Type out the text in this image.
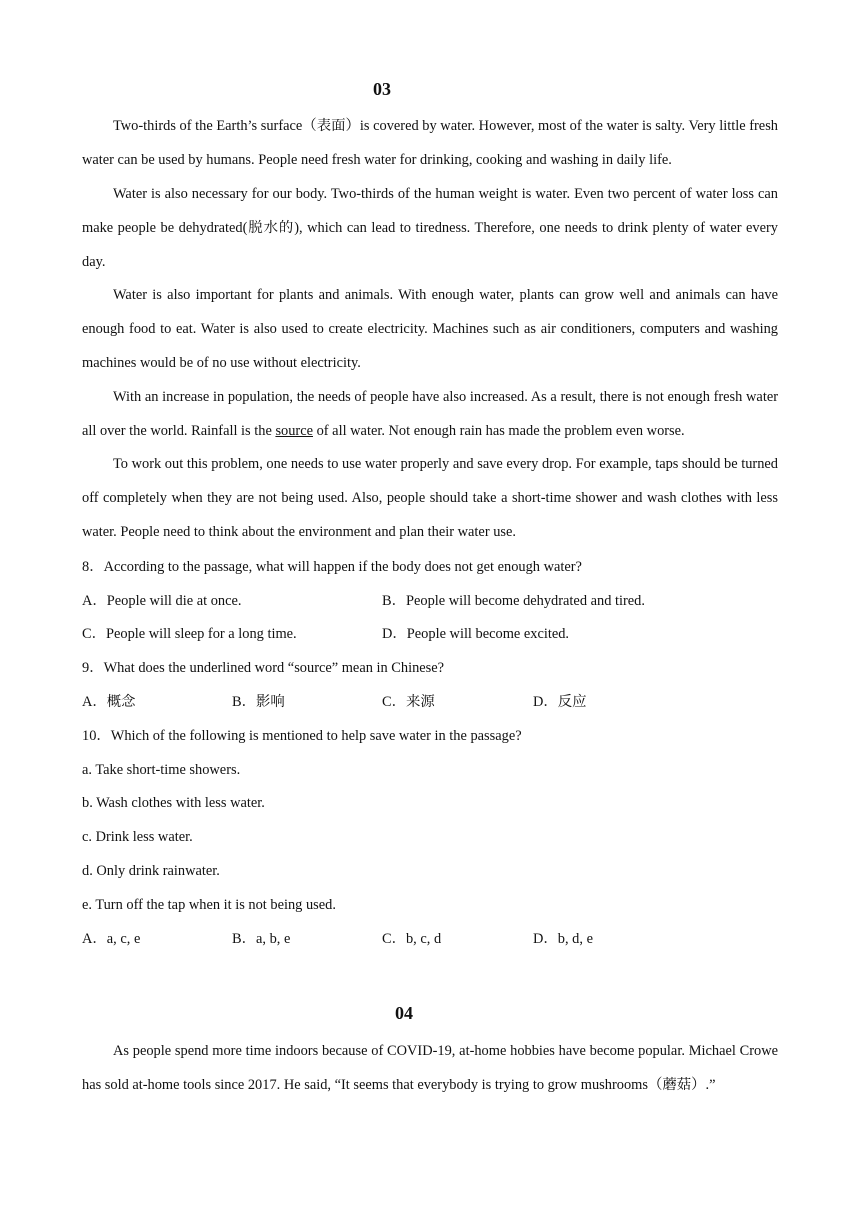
03

Two-thirds of the Earth’s surface（表面）is covered by water. However, most of the water is salty. Very little fresh water can be used by humans. People need fresh water for drinking, cooking and washing in daily life.

Water is also necessary for our body. Two-thirds of the human weight is water. Even two percent of water loss can make people be dehydrated(脱水的), which can lead to tiredness. Therefore, one needs to drink plenty of water every day.

Water is also important for plants and animals. With enough water, plants can grow well and animals can have enough food to eat. Water is also used to create electricity. Machines such as air conditioners, computers and washing machines would be of no use without electricity.

With an increase in population, the needs of people have also increased. As a result, there is not enough fresh water all over the world. Rainfall is the source of all water. Not enough rain has made the problem even worse.

To work out this problem, one needs to use water properly and save every drop. For example, taps should be turned off completely when they are not being used. Also, people should take a short-time shower and wash clothes with less water. People need to think about the environment and plan their water use.

8．According to the passage, what will happen if the body does not get enough water?
A．People will die at once.	B．People will become dehydrated and tired.
C．People will sleep for a long time.	D．People will become excited.
9．What does the underlined word “source” mean in Chinese?
A．概念	B．影响	C．来源	D．反应
10．Which of the following is mentioned to help save water in the passage?
a. Take short-time showers.
b. Wash clothes with less water.
c. Drink less water.
d. Only drink rainwater.
e. Turn off the tap when it is not being used.
A．a, c, e	B．a, b, e	C．b, c, d	D．b, d, e
04

As people spend more time indoors because of COVID-19, at-home hobbies have become popular. Michael Crowe has sold at-home tools since 2017. He said, “It seems that everybody is trying to grow mushrooms（蘑菇）.”
